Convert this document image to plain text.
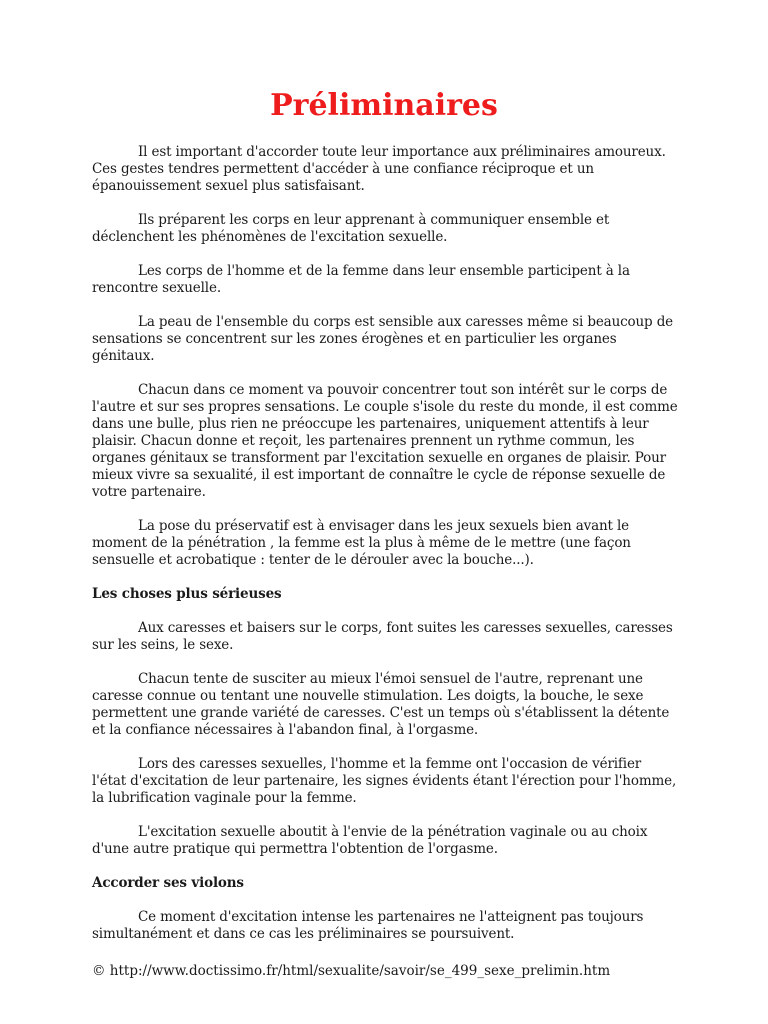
Préliminaires

Il est important d'accorder toute leur importance aux préliminaires amoureux. Ces gestes tendres permettent d'accéder à une confiance réciproque et un épanouissement sexuel plus satisfaisant.

Ils préparent les corps en leur apprenant à communiquer ensemble et déclenchent les phénomènes de l'excitation sexuelle.

Les corps de l'homme et de la femme dans leur ensemble participent à la rencontre sexuelle.

La peau de l'ensemble du corps est sensible aux caresses même si beaucoup de sensations se concentrent sur les zones érogènes et en particulier les organes génitaux.

Chacun dans ce moment va pouvoir concentrer tout son intérêt sur le corps de l'autre et sur ses propres sensations. Le couple s'isole du reste du monde, il est comme dans une bulle, plus rien ne préoccupe les partenaires, uniquement attentifs à leur plaisir. Chacun donne et reçoit, les partenaires prennent un rythme commun, les organes génitaux se transforment par l'excitation sexuelle en organes de plaisir. Pour mieux vivre sa sexualité, il est important de connaître le cycle de réponse sexuelle de votre partenaire.

La pose du préservatif est à envisager dans les jeux sexuels bien avant le moment de la pénétration , la femme est la plus à même de le mettre (une façon sensuelle et acrobatique : tenter de le dérouler avec la bouche...).

Les choses plus sérieuses

Aux caresses et baisers sur le corps, font suites les caresses sexuelles, caresses sur les seins, le sexe.

Chacun tente de susciter au mieux l'émoi sensuel de l'autre, reprenant une caresse connue ou tentant une nouvelle stimulation. Les doigts, la bouche, le sexe permettent une grande variété de caresses. C'est un temps où s'établissent la détente et la confiance nécessaires à l'abandon final, à l'orgasme.

Lors des caresses sexuelles, l'homme et la femme ont l'occasion de vérifier l'état d'excitation de leur partenaire, les signes évidents étant l'érection pour l'homme, la lubrification vaginale pour la femme.

L'excitation sexuelle aboutit à l'envie de la pénétration vaginale ou au choix d'une autre pratique qui permettra l'obtention de l'orgasme.

Accorder ses violons

Ce moment d'excitation intense les partenaires ne l'atteignent pas toujours simultanément et dans ce cas les préliminaires se poursuivent.

© http://www.doctissimo.fr/html/sexualite/savoir/se_499_sexe_prelimin.htm
